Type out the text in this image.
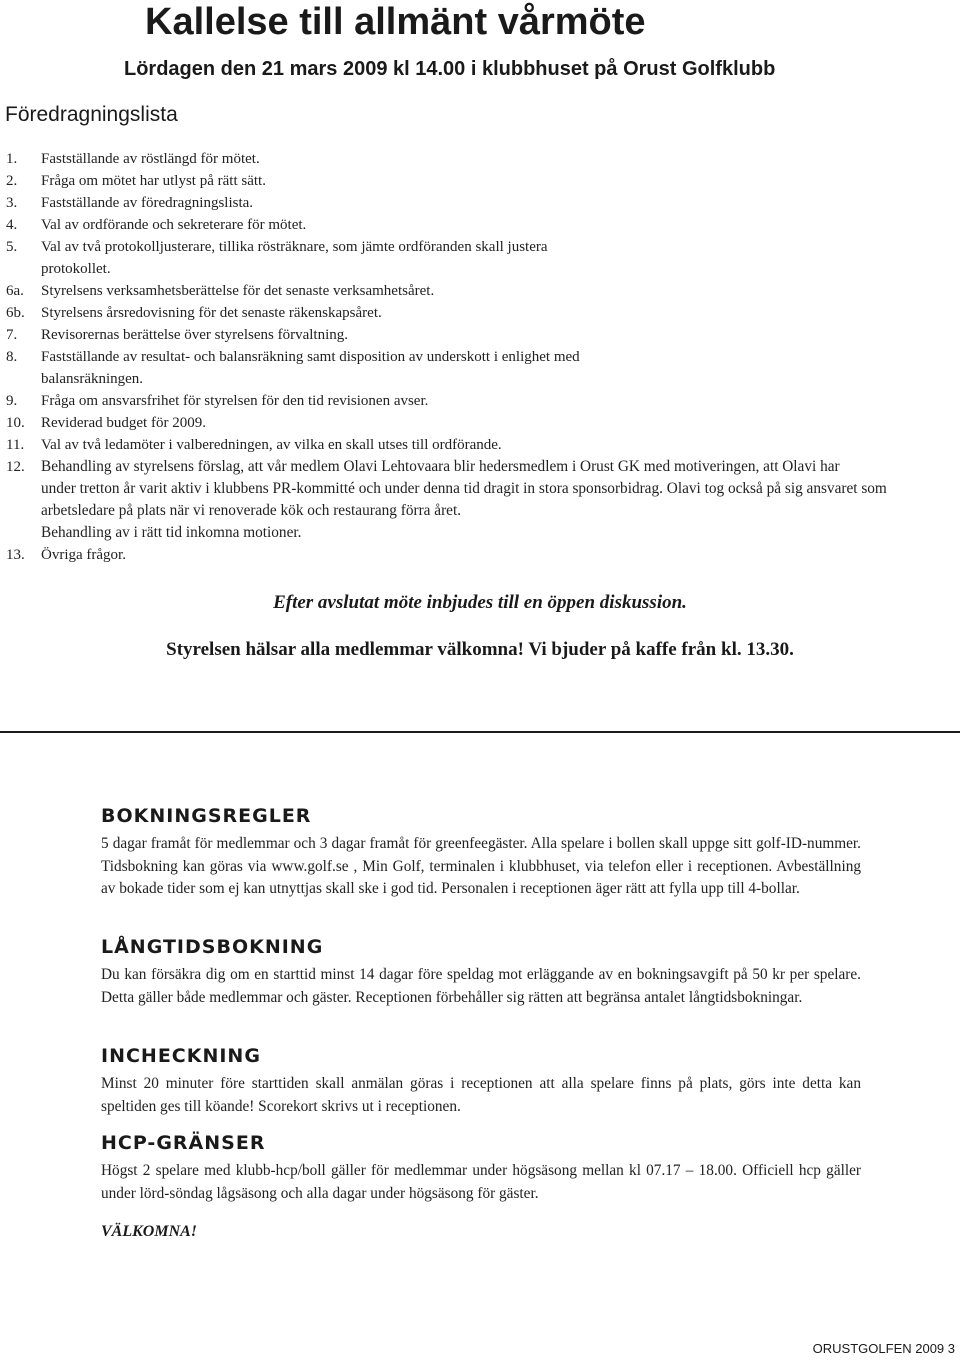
Kallelse till allmänt vårmöte
Lördagen den 21 mars 2009 kl 14.00 i klubbhuset på Orust Golfklubb
Föredragningslista
1.	Fastställande av röstlängd för mötet.
2.	Fråga om mötet har utlyst på rätt sätt.
3.	Fastställande av föredragningslista.
4.	Val av ordförande och sekreterare för mötet.
5.	Val av två protokolljusterare, tillika rösträknare, som jämte ordföranden skall justera protokollet.
6a.	Styrelsens verksamhetsberättelse för det senaste verksamhetsåret.
6b.	Styrelsens årsredovisning för det senaste räkenskapsåret.
7.	Revisorernas berättelse över styrelsens förvaltning.
8.	Fastställande av resultat- och balansräkning samt disposition av underskott i enlighet med balansräkningen.
9.	Fråga om ansvarsfrihet för styrelsen för den tid revisionen avser.
10.	Reviderad budget för 2009.
11.	Val av två ledamöter i valberedningen, av vilka en skall utses till ordförande.
12.	Behandling av styrelsens förslag, att vår medlem Olavi Lehtovaara blir hedersmedlem i Orust GK med motiveringen, att Olavi har
under tretton år varit aktiv i klubbens PR-kommitté och under denna tid dragit in stora sponsorbidrag. Olavi tog också på sig ansvaret som arbetsledare på plats när vi renoverade kök och restaurang förra året.
Behandling av i rätt tid inkomna motioner.
13.	Övriga frågor.
Efter avslutat möte inbjudes till en öppen diskussion.
Styrelsen hälsar alla medlemmar välkomna! Vi bjuder på kaffe från kl. 13.30.
BOKNINGSREGLER

5 dagar framåt för medlemmar och 3 dagar framåt för greenfeegäster. Alla spelare i bollen skall uppge sitt golf-ID-nummer. Tidsbokning kan göras via www.golf.se , Min Golf, terminalen i klubbhuset, via telefon eller i receptionen. Avbeställning av bokade tider som ej kan utnyttjas skall ske i god tid. Personalen i receptionen äger rätt att fylla upp till 4-bollar.

LÅNGTIDSBOKNING

Du kan försäkra dig om en starttid minst 14 dagar före speldag mot erläggande av en bokningsavgift på 50 kr per spelare. Detta gäller både medlemmar och gäster. Receptionen förbehåller sig rätten att begränsa antalet långtidsbokningar.

INCHECKNING

Minst 20 minuter före starttiden skall anmälan göras i receptionen att alla spelare finns på plats, görs inte detta kan speltiden ges till köande! Scorekort skrivs ut i receptionen.

HCP-GRÄNSER

Högst 2 spelare med klubb-hcp/boll gäller för medlemmar under högsäsong mellan kl 07.17 – 18.00. Officiell hcp gäller under lörd-söndag lågsäsong och alla dagar under högsäsong för gäster.

VÄLKOMNA!
ORUSTGOLFEN 2009 3
